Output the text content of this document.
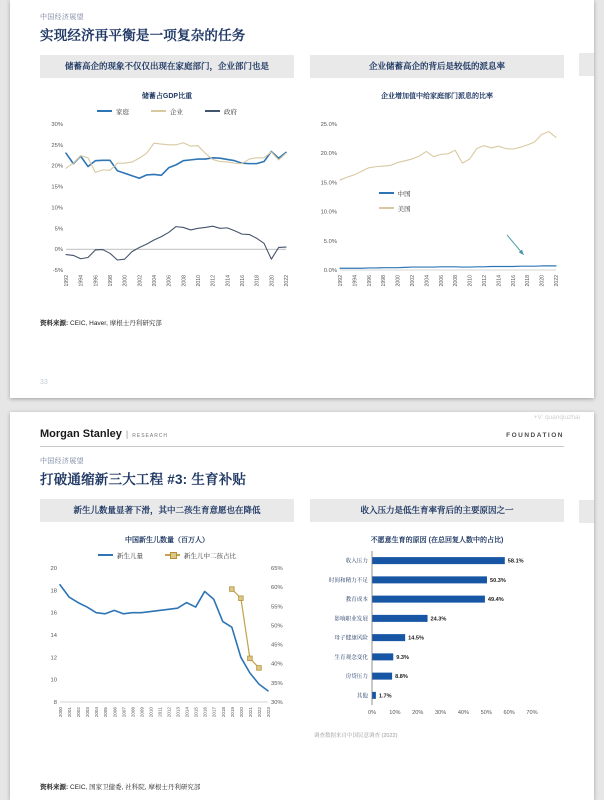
中国经济展望
实现经济再平衡是一项复杂的任务
储蓄高企的现象不仅仅出现在家庭部门，企业部门也是	企业储蓄高企的背后是较低的派息率
储蓄占GDP比重
家庭	企业	政府
30%
25%
20%
15%
10%
5%
0%
-5%
1992 1994 1996 1998 2000 2002 2004 2006 2008 2010 2012 2014 2016 2018 2020 2022
企业增加值中给家庭部门派息的比率
中国
美国
25.0%
20.0%
15.0%
10.0%
5.0%
0.0%
1992 1994 1996 1998 2000 2002 2004 2006 2008 2010 2012 2014 2016 2018 2020 2022
资料来源: CEIC, Haver, 摩根士丹利研究部
33
+V: quanqiuzhai
Morgan Stanley | RESEARCH	FOUNDATION
中国经济展望
打破通缩新三大工程 #3: 生育补贴
新生儿数量显著下滑，其中二孩生育意愿也在降低	收入压力是低生育率背后的主要原因之一
中国新生儿数量（百万人）
新生儿量	新生儿中二孩占比
20
18
16
14
12
10
8
65%
60%
55%
50%
45%
40%
35%
30%
2000 2001 2002 2003 2004 2005 2006 2007 2008 2009 2010 2011 2012 2013 2014 2015 2016 2017 2018 2019 2020 2021 2022 2023
不愿意生育的原因 (在总回复人数中的占比)
收入压力	58.1%
时间和精力不足	50.3%
教育成本	49.4%
影响职业发展	24.3%
母子健康风险	14.5%
生育观念变化	9.3%
房贷压力	8.8%
其他 1.7%
0% 10% 20% 30% 40% 50% 60% 70%
调查数据来自中国民意调查 (2022)
资料来源: CEIC, 国家卫健委, 社科院, 摩根士丹利研究部
